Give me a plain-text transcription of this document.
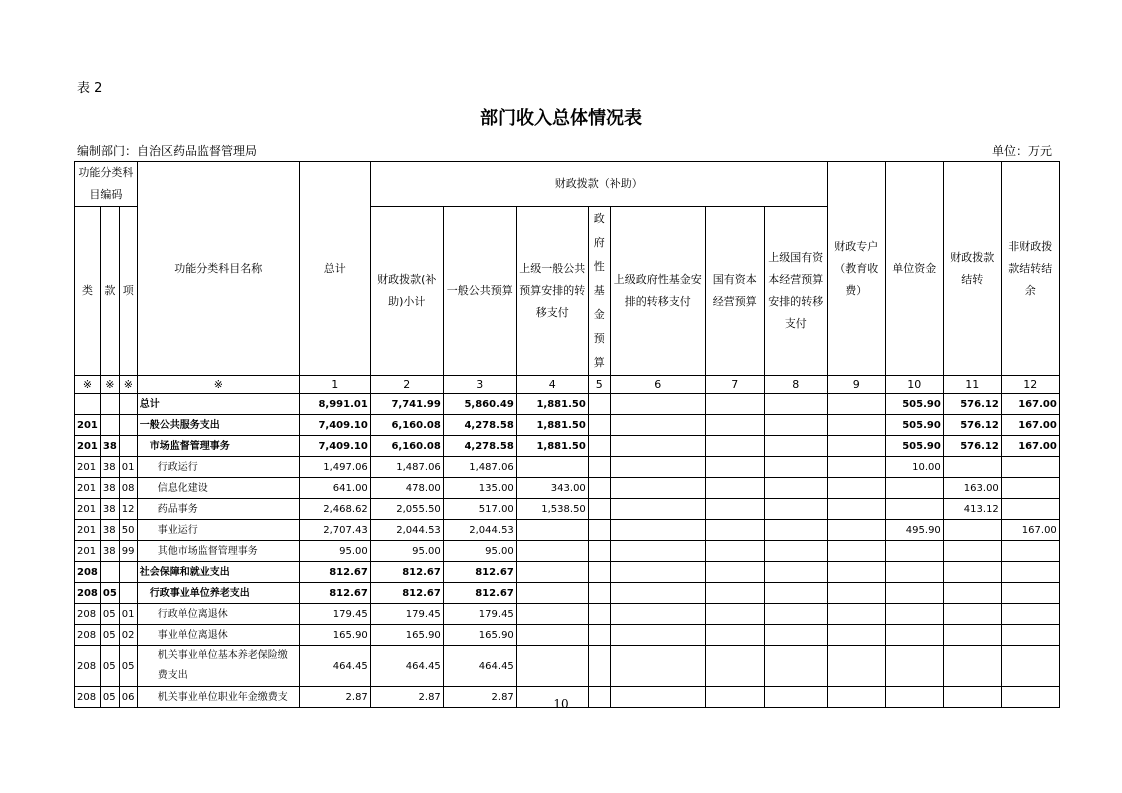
表 2
部门收入总体情况表
编制部门：自治区药品监督管理局	单位：万元
功能分类科目编码			功能分类科目名称	总计	财政拨款（补助）							财政专户（教育收费）	单位资金	财政拨款结转	非财政拨款结转结余
类	款	项			财政拨款(补助)小计	一般公共预算	上级一般公共预算安排的转移支付	政府性基金预算	上级政府性基金安排的转移支付	国有资本经营预算	上级国有资本经营预算安排的转移支付				
※	※	※	※	1	2	3	4	5	6	7	8	9	10	11	12
			总计	8,991.01	7,741.99	5,860.49	1,881.50						505.90	576.12	167.00
201			一般公共服务支出	7,409.10	6,160.08	4,278.58	1,881.50						505.90	576.12	167.00
201	38		市场监督管理事务	7,409.10	6,160.08	4,278.58	1,881.50						505.90	576.12	167.00
201	38	01	行政运行	1,497.06	1,487.06	1,487.06							10.00		
201	38	08	信息化建设	641.00	478.00	135.00	343.00							163.00	
201	38	12	药品事务	2,468.62	2,055.50	517.00	1,538.50							413.12	
201	38	50	事业运行	2,707.43	2,044.53	2,044.53							495.90		167.00
201	38	99	其他市场监督管理事务	95.00	95.00	95.00									
208			社会保障和就业支出	812.67	812.67	812.67									
208	05		行政事业单位养老支出	812.67	812.67	812.67									
208	05	01	行政单位离退休	179.45	179.45	179.45									
208	05	02	事业单位离退休	165.90	165.90	165.90									
208	05	05	机关事业单位基本养老保险缴费支出	464.45	464.45	464.45									
208	05	06	机关事业单位职业年金缴费支	2.87	2.87	2.87										10
